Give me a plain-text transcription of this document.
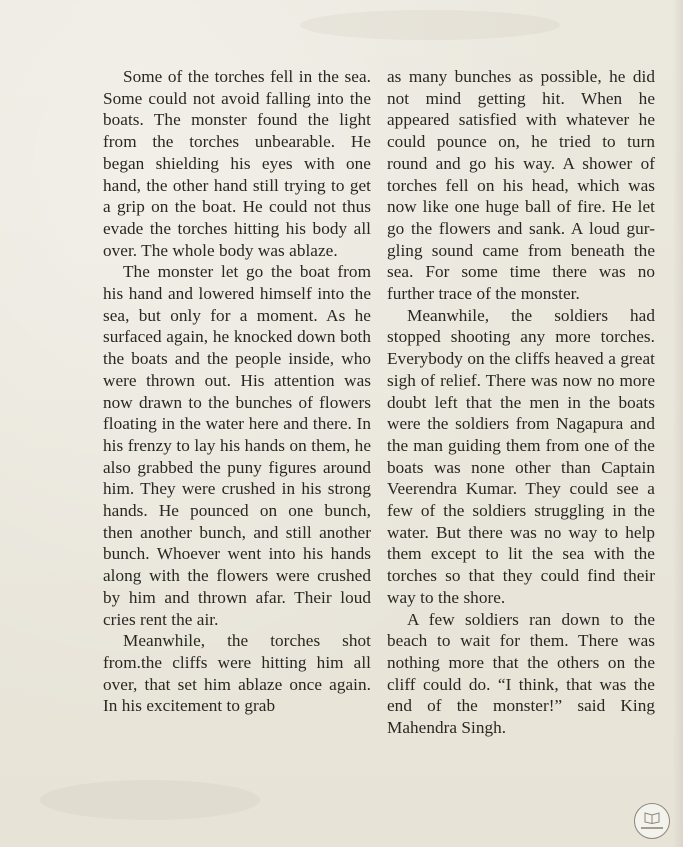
Some of the torches fell in the sea. Some could not avoid falling into the boats. The monster found the light from the torches unbearable. He began shielding his eyes with one hand, the other hand still trying to get a grip on the boat. He could not thus evade the torches hitting his body all over. The whole body was ablaze.

The monster let go the boat from his hand and lowered himself into the sea, but only for a moment. As he surfaced again, he knocked down both the boats and the people inside, who were thrown out. His attention was now drawn to the bunches of flowers floating in the water here and there. In his frenzy to lay his hands on them, he also grabbed the puny figures around him. They were crushed in his strong hands. He pounced on one bunch, then another bunch, and still another bunch. Whoever went into his hands along with the flowers were crushed by him and thrown afar. Their loud cries rent the air.

Meanwhile, the torches shot from.the cliffs were hitting him all over, that set him ablaze once again. In his excitement to grab

as many bunches as possible, he did not mind getting hit. When he appeared satisfied with whatever he could pounce on, he tried to turn round and go his way. A shower of torches fell on his head, which was now like one huge ball of fire. He let go the flowers and sank. A loud gur-gling sound came from beneath the sea. For some time there was no further trace of the monster.

Meanwhile, the soldiers had stopped shooting any more torches. Everybody on the cliffs heaved a great sigh of relief. There was now no more doubt left that the men in the boats were the soldiers from Nagapura and the man guiding them from one of the boats was none other than Captain Veerendra Kumar. They could see a few of the soldiers struggling in the water. But there was no way to help them except to lit the sea with the torches so that they could find their way to the shore.

A few soldiers ran down to the beach to wait for them. There was nothing more that the others on the cliff could do. “I think, that was the end of the monster!” said King Mahendra Singh.
